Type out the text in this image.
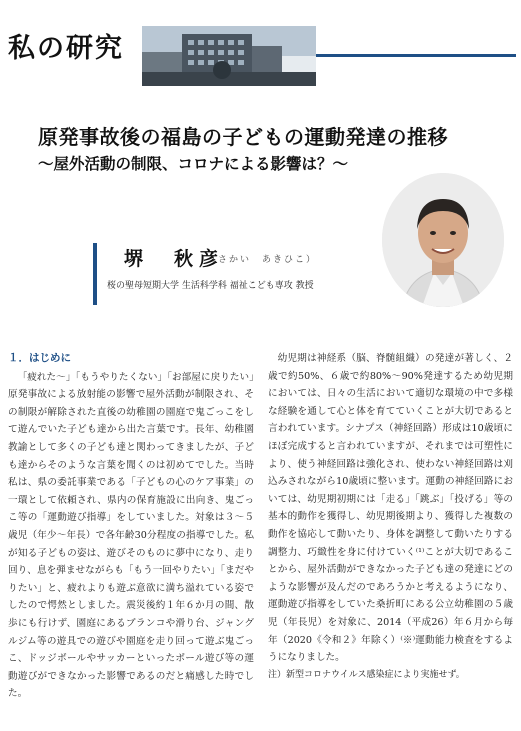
私の研究
原発事故後の福島の子どもの運動発達の推移
～屋外活動の制限、コロナによる影響は？～
堺　秋彦
（さかい　あきひこ）
桜の聖母短期大学 生活科学科 福祉こども専攻 教授
１．はじめに

「疲れた～」「もうやりたくない」「お部屋に戻りたい」原発事故による放射能の影響で屋外活動が制限され、その制限が解除された直後の幼稚園の園庭で鬼ごっこをして遊んでいた子ども達から出た言葉です。長年、幼稚園教諭として多くの子ども達と関わってきましたが、子ども達からそのような言葉を聞くのは初めてでした。当時私は、県の委託事業である「子どもの心のケア事業」の一環として依頼され、県内の保育施設に出向き、鬼ごっこ等の「運動遊び指導」をしていました。対象は３～５歳児（年少～年長）で各年齢30分程度の指導でした。私が知る子どもの姿は、遊びそのものに夢中になり、走り回り、息を弾ませながらも「もう一回やりたい」「まだやりたい」と、疲れよりも遊ぶ意欲に満ち溢れている姿でしたので愕然としました。震災後約１年６か月の間、散歩にも行けず、園庭にあるブランコや滑り台、ジャングルジム等の遊具での遊びや園庭を走り回って遊ぶ鬼ごっこ、ドッジボールやサッカーといったボール遊び等の運動遊びができなかった影響であるのだと痛感した時でした。

幼児期は神経系（脳、脊髄組織）の発達が著しく、２歳で約50%、６歳で約80%～90%発達するため幼児期においては、日々の生活において適切な環境の中で多様な経験を通して心と体を育てていくことが大切であると言われています。シナプス（神経回路）形成は10歳頃にほぼ完成すると言われていますが、それまでは可塑性により、使う神経回路は強化され、使わない神経回路は刈込みされながら10歳頃に整います。運動の神経回路においては、幼児期初期には「走る」「跳ぶ」「投げる」等の基本的動作を獲得し、幼児期後期より、獲得した複数の動作を協応して動いたり、身体を調整して動いたりする調整力、巧緻性を身に付けていく⁽¹⁾ことが大切であることから、屋外活動ができなかった子ども達の発達にどのような影響が及んだのであろうかと考えるようになり、運動遊び指導をしていた桑折町にある公立幼稚園の５歳児（年長児）を対象に、2014（平成26）年６月から毎年（2020《令和２》年除く）⁽※⁾運動能力検査をするようになりました。

注）新型コロナウイルス感染症により実施せず。
